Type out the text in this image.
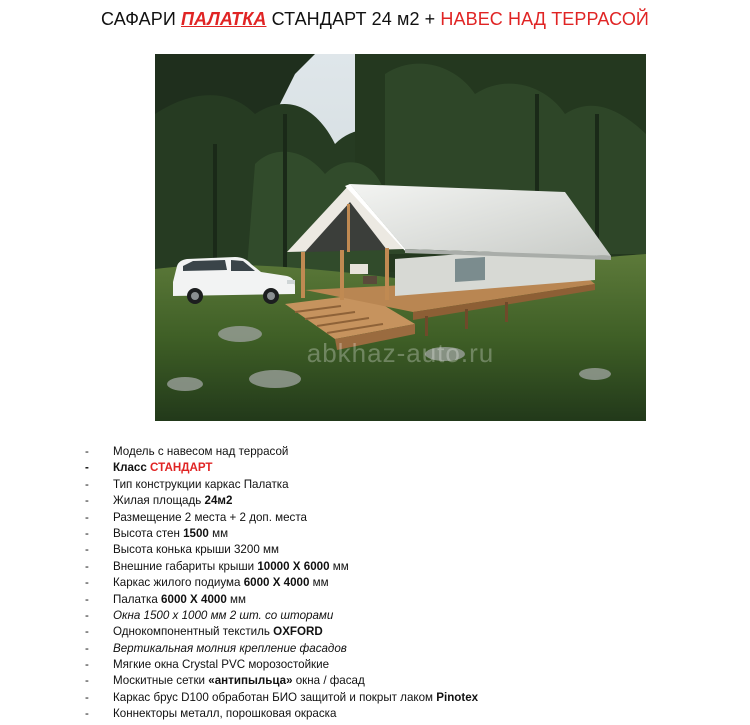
САФАРИ ПАЛАТКА СТАНДАРТ 24 м2 + НАВЕС НАД ТЕРРАСОЙ
abkhaz-auto.ru
- Модель с навесом над террасой
- Класс СТАНДАРТ
- Тип конструкции каркас Палатка
- Жилая площадь 24м2
- Размещение 2 места + 2 доп. места
- Высота стен 1500 мм
- Высота конька крыши 3200 мм
- Внешние габариты крыши 10000 Х 6000 мм
- Каркас жилого подиума 6000 Х 4000 мм
- Палатка 6000 Х 4000 мм
- Окна 1500 х 1000 мм 2 шт. со шторами
- Однокомпонентный текстиль OXFORD
- Вертикальная молния крепление фасадов
- Мягкие окна Crystal PVC морозостойкие
- Москитные сетки «антипыльца» окна / фасад
- Каркас брус D100 обработан БИО защитой и покрыт лаком Pinotex
- Коннекторы металл, порошковая окраска
